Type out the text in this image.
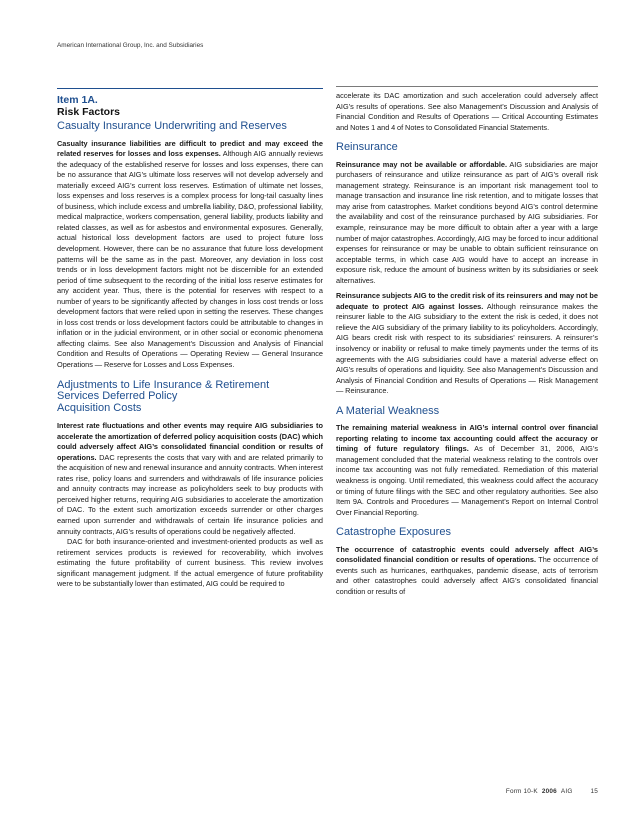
American International Group, Inc. and Subsidiaries
Item 1A.
Risk Factors
Casualty Insurance Underwriting and Reserves

Casualty insurance liabilities are difficult to predict and may exceed the related reserves for losses and loss expenses. Although AIG annually reviews the adequacy of the established reserve for losses and loss expenses, there can be no assurance that AIG’s ultimate loss reserves will not develop adversely and materially exceed AIG’s current loss reserves. Estimation of ultimate net losses, loss expenses and loss reserves is a complex process for long-tail casualty lines of business, which include excess and umbrella liability, D&O, professional liability, medical malpractice, workers compensation, general liability, products liability and related classes, as well as for asbestos and environmental exposures. Generally, actual historical loss development factors are used to project future loss development. However, there can be no assurance that future loss development patterns will be the same as in the past. Moreover, any deviation in loss cost trends or in loss development factors might not be discernible for an extended period of time subsequent to the recording of the initial loss reserve estimates for any accident year. Thus, there is the potential for reserves with respect to a number of years to be significantly affected by changes in loss cost trends or loss development factors that were relied upon in setting the reserves. These changes in loss cost trends or loss development factors could be attributable to changes in inflation or in the judicial environment, or in other social or economic phenomena affecting claims. See also Management’s Discussion and Analysis of Financial Condition and Results of Operations — Operating Review — General Insurance Operations — Reserve for Losses and Loss Expenses.

Adjustments to Life Insurance & Retirement
Services Deferred Policy
Acquisition Costs

Interest rate fluctuations and other events may require AIG subsidiaries to accelerate the amortization of deferred policy acquisition costs (DAC) which could adversely affect AIG’s consolidated financial condition or results of operations. DAC represents the costs that vary with and are related primarily to the acquisition of new and renewal insurance and annuity contracts. When interest rates rise, policy loans and surrenders and withdrawals of life insurance policies and annuity contracts may increase as policyholders seek to buy products with perceived higher returns, requiring AIG subsidiaries to accelerate the amortization of DAC. To the extent such amortization exceeds surrender or other charges earned upon surrender and withdrawals of certain life insurance policies and annuity contracts, AIG’s results of operations could be negatively affected.

DAC for both insurance-oriented and investment-oriented products as well as retirement services products is reviewed for recoverability, which involves estimating the future profitability of current business. This review involves significant management judgment. If the actual emergence of future profitability were to be substantially lower than estimated, AIG could be required to

accelerate its DAC amortization and such acceleration could adversely affect AIG’s results of operations. See also Management’s Discussion and Analysis of Financial Condition and Results of Operations — Critical Accounting Estimates and Notes 1 and 4 of Notes to Consolidated Financial Statements.

Reinsurance

Reinsurance may not be available or affordable. AIG subsidiaries are major purchasers of reinsurance and utilize reinsurance as part of AIG’s overall risk management strategy. Reinsurance is an important risk management tool to manage transaction and insurance line risk retention, and to mitigate losses that may arise from catastrophes. Market conditions beyond AIG’s control determine the availability and cost of the reinsurance purchased by AIG subsidiaries. For example, reinsurance may be more difficult to obtain after a year with a large number of major catastrophes. Accordingly, AIG may be forced to incur additional expenses for reinsurance or may be unable to obtain sufficient reinsurance on acceptable terms, in which case AIG would have to accept an increase in exposure risk, reduce the amount of business written by its subsidiaries or seek alternatives.

Reinsurance subjects AIG to the credit risk of its reinsurers and may not be adequate to protect AIG against losses. Although reinsurance makes the reinsurer liable to the AIG subsidiary to the extent the risk is ceded, it does not relieve the AIG subsidiary of the primary liability to its policyholders. Accordingly, AIG bears credit risk with respect to its subsidiaries’ reinsurers. A reinsurer’s insolvency or inability or refusal to make timely payments under the terms of its agreements with the AIG subsidiaries could have a material adverse effect on AIG’s results of operations and liquidity. See also Management’s Discussion and Analysis of Financial Condition and Results of Operations — Risk Management — Reinsurance.

A Material Weakness

The remaining material weakness in AIG’s internal control over financial reporting relating to income tax accounting could affect the accuracy or timing of future regulatory filings. As of December 31, 2006, AIG’s management concluded that the material weakness relating to the controls over income tax accounting was not fully remediated. Remediation of this material weakness is ongoing. Until remediated, this weakness could affect the accuracy or timing of future filings with the SEC and other regulatory authorities. See also Item 9A. Controls and Procedures — Management’s Report on Internal Control Over Financial Reporting.

Catastrophe Exposures

The occurrence of catastrophic events could adversely affect AIG’s consolidated financial condition or results of operations. The occurrence of events such as hurricanes, earthquakes, pandemic disease, acts of terrorism and other catastrophes could adversely affect AIG’s consolidated financial condition or results of

Form 10-K 2006 AIG	15
